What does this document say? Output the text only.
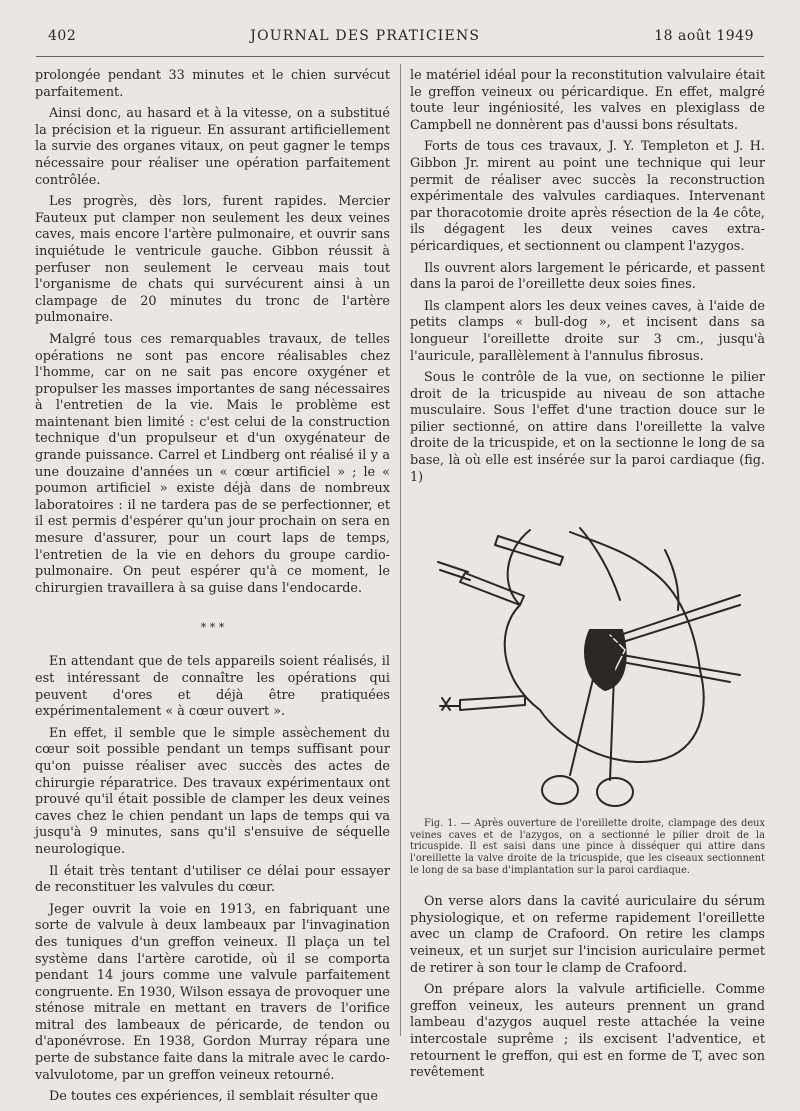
402	JOURNAL DES PRATICIENS	18 août 1949

prolongée pendant 33 minutes et le chien survécut parfaitement.

Ainsi donc, au hasard et à la vitesse, on a substitué la précision et la rigueur. En assurant artificiellement la survie des organes vitaux, on peut gagner le temps nécessaire pour réaliser une opération parfaitement contrôlée.

Les progrès, dès lors, furent rapides. Mercier Fauteux put clamper non seulement les deux veines caves, mais encore l'artère pulmonaire, et ouvrir sans inquiétude le ventricule gauche. Gibbon réussit à perfuser non seulement le cerveau mais tout l'organisme de chats qui survécurent ainsi à un clampage de 20 minutes du tronc de l'artère pulmonaire.

Malgré tous ces remarquables travaux, de telles opérations ne sont pas encore réalisables chez l'homme, car on ne sait pas encore oxygéner et propulser les masses importantes de sang nécessaires à l'entretien de la vie. Mais le problème est maintenant bien limité : c'est celui de la construction technique d'un propulseur et d'un oxygénateur de grande puissance. Carrel et Lindberg ont réalisé il y a une douzaine d'années un « cœur artificiel » ; le « poumon artificiel » existe déjà dans de nombreux laboratoires : il ne tardera pas de se perfectionner, et il est permis d'espérer qu'un jour prochain on sera en mesure d'assurer, pour un court laps de temps, l'entretien de la vie en dehors du groupe cardio-pulmonaire. On peut espérer qu'à ce moment, le chirurgien travaillera à sa guise dans l'endocarde.

* * *

En attendant que de tels appareils soient réalisés, il est intéressant de connaître les opérations qui peuvent d'ores et déjà être pratiquées expérimentalement « à cœur ouvert ».

En effet, il semble que le simple assèchement du cœur soit possible pendant un temps suffisant pour qu'on puisse réaliser avec succès des actes de chirurgie réparatrice. Des travaux expérimentaux ont prouvé qu'il était possible de clamper les deux veines caves chez le chien pendant un laps de temps qui va jusqu'à 9 minutes, sans qu'il s'ensuive de séquelle neurologique.

Il était très tentant d'utiliser ce délai pour essayer de reconstituer les valvules du cœur.

Jeger ouvrit la voie en 1913, en fabriquant une sorte de valvule à deux lambeaux par l'invagination des tuniques d'un greffon veineux. Il plaça un tel système dans l'artère carotide, où il se comporta pendant 14 jours comme une valvule parfaitement congruente. En 1930, Wilson essaya de provoquer une sténose mitrale en mettant en travers de l'orifice mitral des lambeaux de péricarde, de tendon ou d'aponévrose. En 1938, Gordon Murray répara une perte de substance faite dans la mitrale avec le cardo-valvulotome, par un greffon veineux retourné.

De toutes ces expériences, il semblait résulter que

le matériel idéal pour la reconstitution valvulaire était le greffon veineux ou péricardique. En effet, malgré toute leur ingéniosité, les valves en plexiglass de Campbell ne donnèrent pas d'aussi bons résultats.

Forts de tous ces travaux, J. Y. Templeton et J. H. Gibbon Jr. mirent au point une technique qui leur permit de réaliser avec succès la reconstruction expérimentale des valvules cardiaques. Intervenant par thoracotomie droite après résection de la 4e côte, ils dégagent les deux veines caves extra-péricardiques, et sectionnent ou clampent l'azygos.

Ils ouvrent alors largement le péricarde, et passent dans la paroi de l'oreillette deux soies fines.

Ils clampent alors les deux veines caves, à l'aide de petits clamps « bull-dog », et incisent dans sa longueur l'oreillette droite sur 3 cm., jusqu'à l'auricule, parallèlement à l'annulus fibrosus.

Sous le contrôle de la vue, on sectionne le pilier droit de la tricuspide au niveau de son attache musculaire. Sous l'effet d'une traction douce sur le pilier sectionné, on attire dans l'oreillette la valve droite de la tricuspide, et on la sectionne le long de sa base, là où elle est insérée sur la paroi cardiaque (fig. 1)

Fig. 1. — Après ouverture de l'oreillette droite, clampage des deux veines caves et de l'azygos, on a sectionné le pilier droit de la tricuspide. Il est saisi dans une pince à disséquer qui attire dans l'oreillette la valve droite de la tricuspide, que les ciseaux sectionnent le long de sa base d'implantation sur la paroi cardiaque.

On verse alors dans la cavité auriculaire du sérum physiologique, et on referme rapidement l'oreillette avec un clamp de Crafoord. On retire les clamps veineux, et un surjet sur l'incision auriculaire permet de retirer à son tour le clamp de Crafoord.

On prépare alors la valvule artificielle. Comme greffon veineux, les auteurs prennent un grand lambeau d'azygos auquel reste attachée la veine intercostale suprême ; ils excisent l'adventice, et retournent le greffon, qui est en forme de T, avec son revêtement
